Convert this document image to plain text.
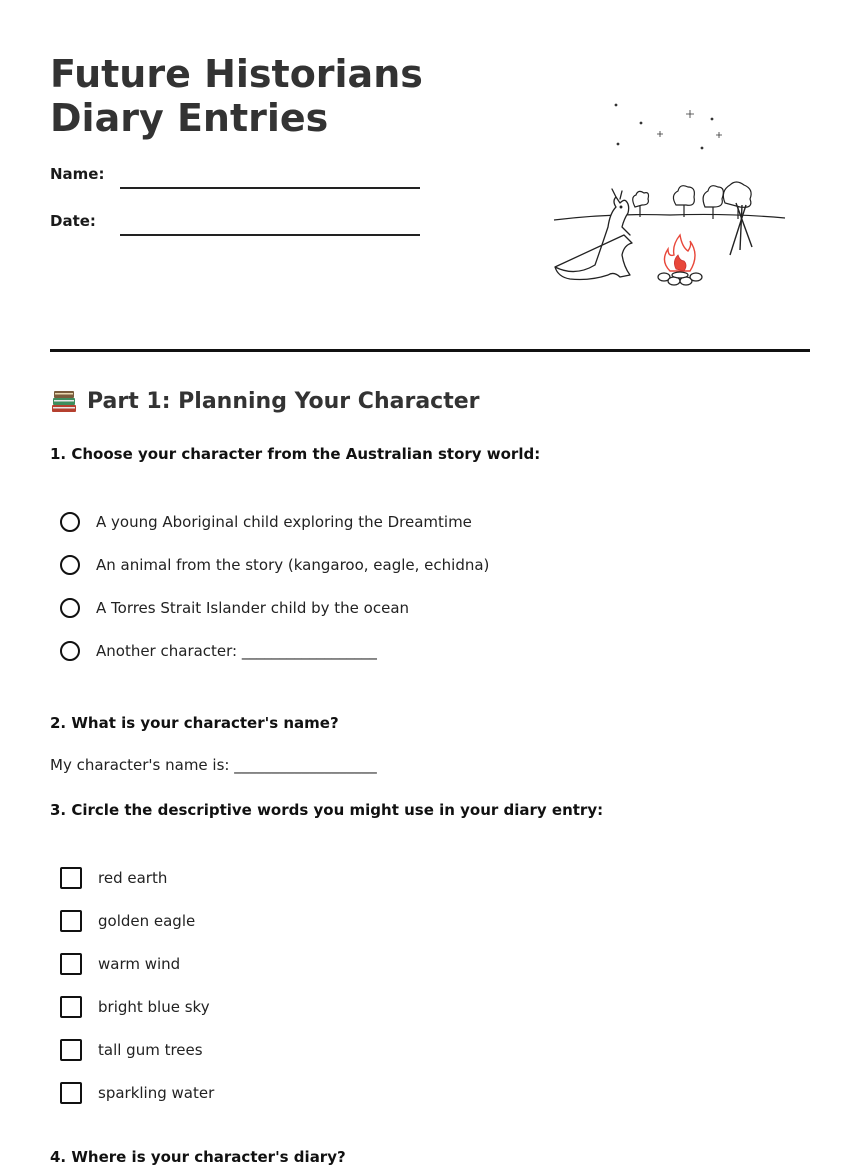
Future Historians Diary Entries
Name:
Date:
Part 1: Planning Your Character

1. Choose your character from the Australian story world:

A young Aboriginal child exploring the Dreamtime
An animal from the story (kangaroo, eagle, echidna)
A Torres Strait Islander child by the ocean
Another character: __________________

2. What is your character's name?

My character's name is: ___________________

3. Circle the descriptive words you might use in your diary entry:

red earth
golden eagle
warm wind
bright blue sky
tall gum trees
sparkling water

4. Where is your character's diary?
